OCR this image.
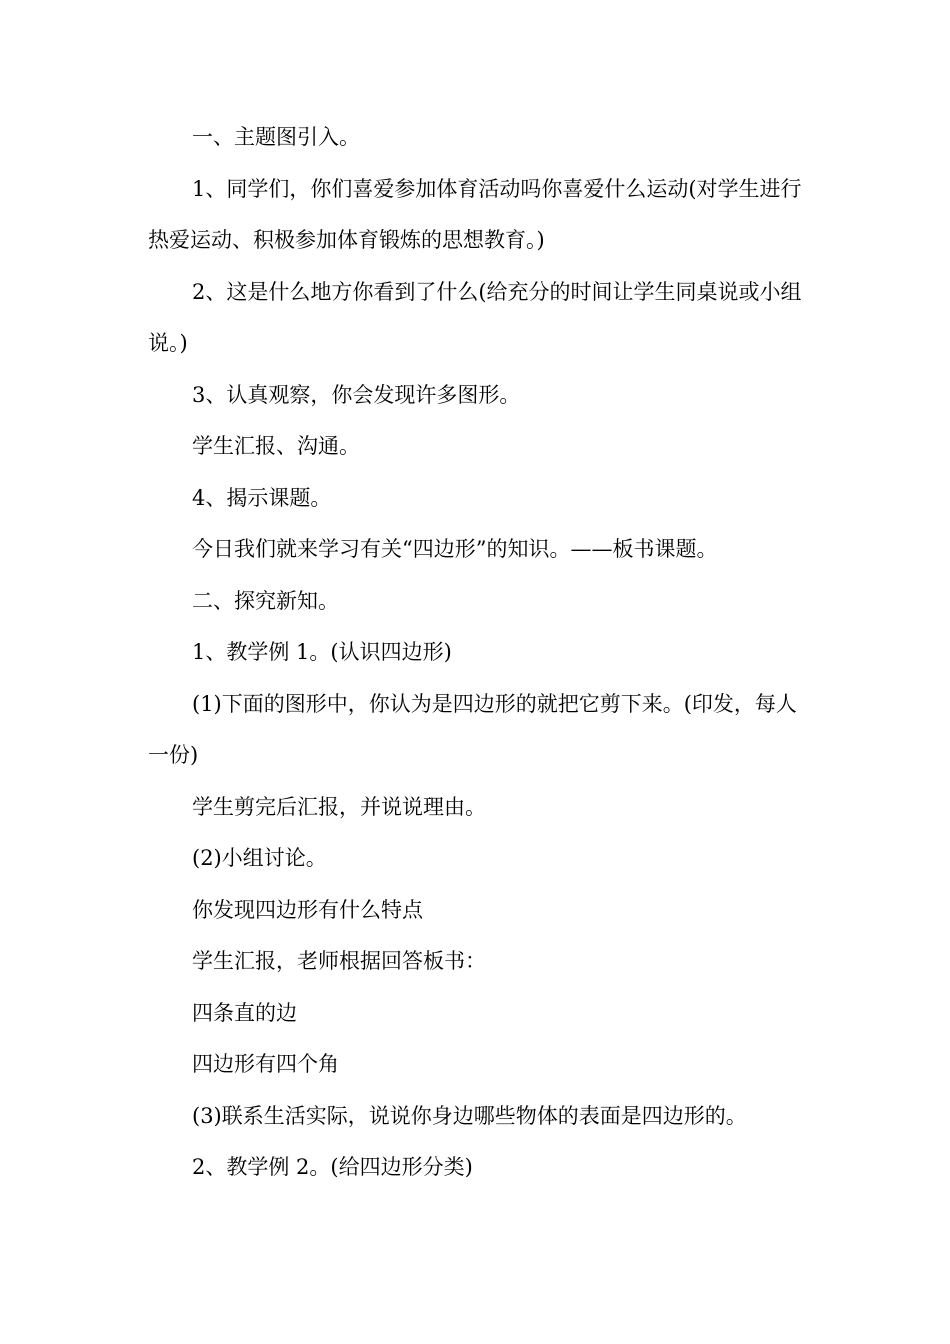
一、主题图引入。

1、同学们，你们喜爱参加体育活动吗你喜爱什么运动(对学生进行热爱运动、积极参加体育锻炼的思想教育。)

2、这是什么地方你看到了什么(给充分的时间让学生同桌说或小组说。)

3、认真观察，你会发现许多图形。

学生汇报、沟通。

4、揭示课题。

今日我们就来学习有关“四边形”的知识。——板书课题。

二、探究新知。

1、教学例 1。(认识四边形)

(1)下面的图形中，你认为是四边形的就把它剪下来。(印发，每人一份)

学生剪完后汇报，并说说理由。

(2)小组讨论。

你发现四边形有什么特点

学生汇报，老师根据回答板书：

四条直的边

四边形有四个角

(3)联系生活实际，说说你身边哪些物体的表面是四边形的。

2、教学例 2。(给四边形分类)
